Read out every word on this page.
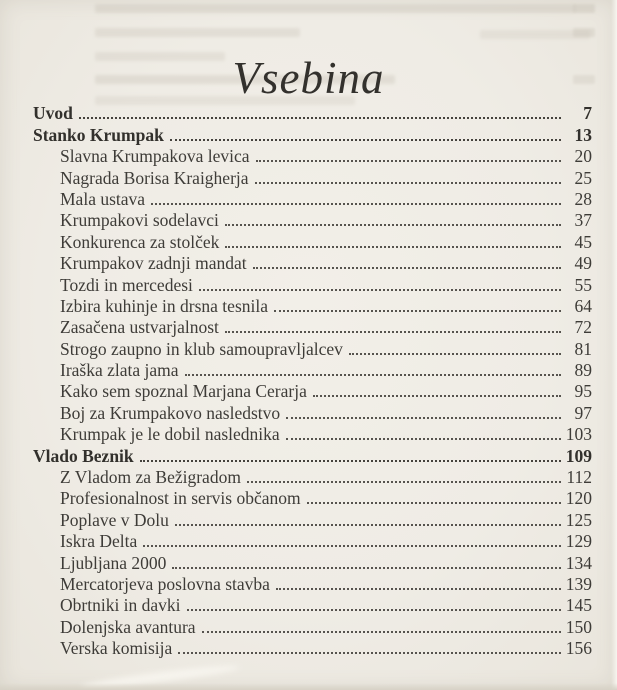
Vsebina
Uvod	7
Stanko Krumpak	13
Slavna Krumpakova levica	20
Nagrada Borisa Kraigherja	25
Mala ustava	28
Krumpakovi sodelavci	37
Konkurenca za stolček	45
Krumpakov zadnji mandat	49
Tozdi in mercedesi	55
Izbira kuhinje in drsna tesnila	64
Zasačena ustvarjalnost	72
Strogo zaupno in klub samoupravljalcev	81
Iraška zlata jama	89
Kako sem spoznal Marjana Cerarja	95
Boj za Krumpakovo nasledstvo	97
Krumpak je le dobil naslednika	103
Vlado Beznik	109
Z Vladom za Bežigradom	112
Profesionalnost in servis občanom	120
Poplave v Dolu	125
Iskra Delta	129
Ljubljana 2000	134
Mercatorjeva poslovna stavba	139
Obrtniki in davki	145
Dolenjska avantura	150
Verska komisija	156
